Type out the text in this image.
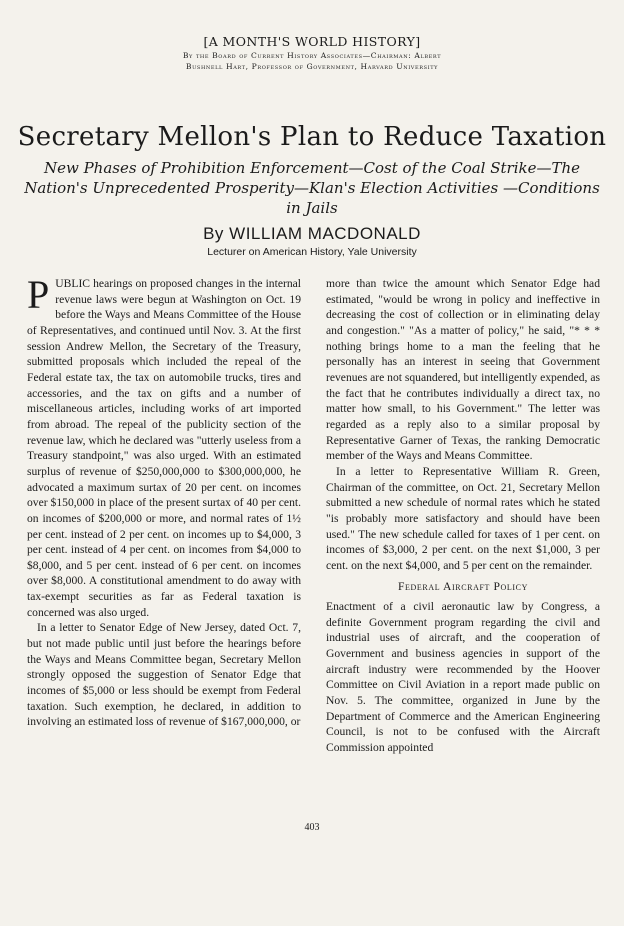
[A MONTH'S WORLD HISTORY]
By the Board of Current History Associates—Chairman: Albert
Bushnell Hart, Professor of Government, Harvard University
Secretary Mellon's Plan to Reduce Taxation
New Phases of Prohibition Enforcement—Cost of the Coal Strike—The Nation's Unprecedented Prosperity—Klan's Election Activities —Conditions in Jails
By WILLIAM MACDONALD
Lecturer on American History, Yale University

PUBLIC hearings on proposed changes in the internal revenue laws were begun at Washington on Oct. 19 before the Ways and Means Committee of the House of Representatives, and continued until Nov. 3. At the first session Andrew Mellon, the Secretary of the Treasury, submitted proposals which included the repeal of the Federal estate tax, the tax on automobile trucks, tires and accessories, and the tax on gifts and a number of miscellaneous articles, including works of art imported from abroad. The repeal of the publicity section of the revenue law, which he declared was "utterly useless from a Treasury standpoint," was also urged. With an estimated surplus of revenue of $250,000,000 to $300,000,000, he advocated a maximum surtax of 20 per cent. on incomes over $150,000 in place of the present surtax of 40 per cent. on incomes of $200,000 or more, and normal rates of 1½ per cent. instead of 2 per cent. on incomes up to $4,000, 3 per cent. instead of 4 per cent. on incomes from $4,000 to $8,000, and 5 per cent. instead of 6 per cent. on incomes over $8,000. A constitutional amendment to do away with tax-exempt securities as far as Federal taxation is concerned was also urged.

In a letter to Senator Edge of New Jersey, dated Oct. 7, but not made public until just before the hearings before the Ways and Means Committee began, Secretary Mellon strongly opposed the suggestion of Senator Edge that incomes of $5,000 or less should be exempt from Federal taxation. Such exemption, he declared, in addition to involving an estimated loss of revenue of $167,000,000, or

more than twice the amount which Senator Edge had estimated, "would be wrong in policy and ineffective in decreasing the cost of collection or in eliminating delay and congestion." "As a matter of policy," he said, "* * * nothing brings home to a man the feeling that he personally has an interest in seeing that Government revenues are not squandered, but intelligently expended, as the fact that he contributes individually a direct tax, no matter how small, to his Government." The letter was regarded as a reply also to a similar proposal by Representative Garner of Texas, the ranking Democratic member of the Ways and Means Committee.

In a letter to Representative William R. Green, Chairman of the committee, on Oct. 21, Secretary Mellon submitted a new schedule of normal rates which he stated "is probably more satisfactory and should have been used." The new schedule called for taxes of 1 per cent. on incomes of $3,000, 2 per cent. on the next $1,000, 3 per cent. on the next $4,000, and 5 per cent on the remainder.

Federal Aircraft Policy

Enactment of a civil aeronautic law by Congress, a definite Government program regarding the civil and industrial uses of aircraft, and the cooperation of Government and business agencies in support of the aircraft industry were recommended by the Hoover Committee on Civil Aviation in a report made public on Nov. 5. The committee, organized in June by the Department of Commerce and the American Engineering Council, is not to be confused with the Aircraft Commission appointed

403
